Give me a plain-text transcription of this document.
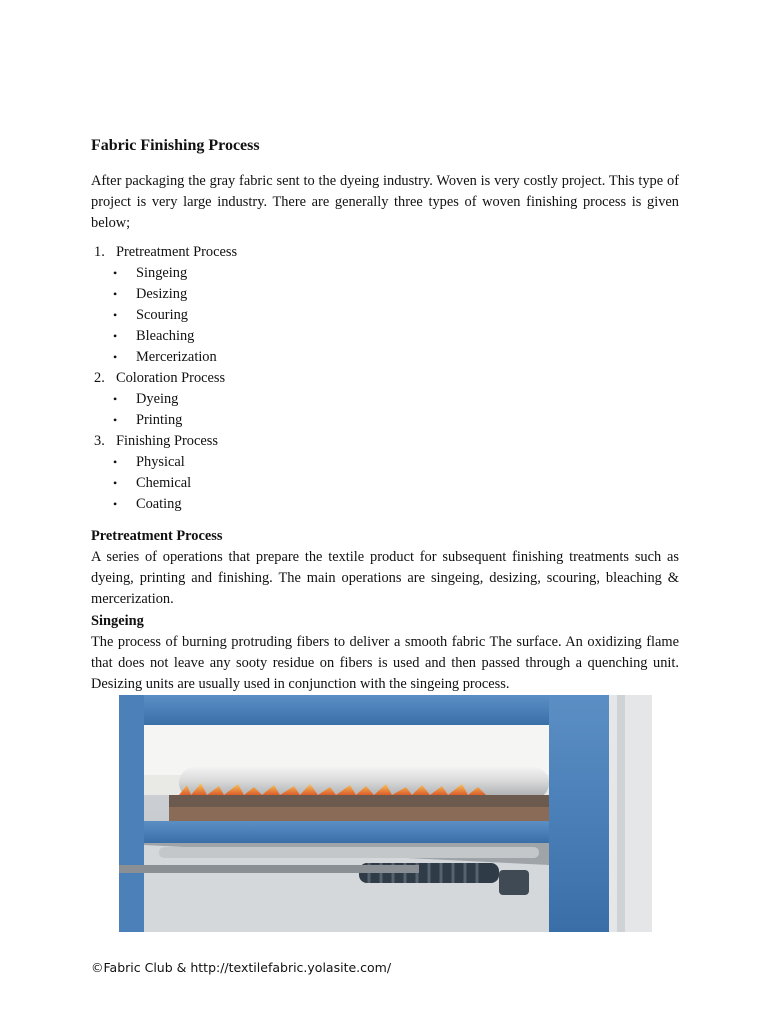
Fabric Finishing Process
After packaging the gray fabric sent to the dyeing industry. Woven is very costly project. This type of project is very large industry. There are generally three types of woven finishing process is given below;
1. Pretreatment Process
• Singeing
• Desizing
• Scouring
• Bleaching
• Mercerization
2. Coloration Process
• Dyeing
• Printing
3. Finishing Process
• Physical
• Chemical
• Coating
Pretreatment Process
A series of operations that prepare the textile product for subsequent finishing treatments such as dyeing, printing and finishing. The main operations are singeing, desizing, scouring, bleaching & mercerization.
Singeing
The process of burning protruding fibers to deliver a smooth fabric The surface. An oxidizing flame that does not leave any sooty residue on fibers is used and then passed through a quenching unit. Desizing units are usually used in conjunction with the singeing process.
©Fabric Club & http://textilefabric.yolasite.com/
